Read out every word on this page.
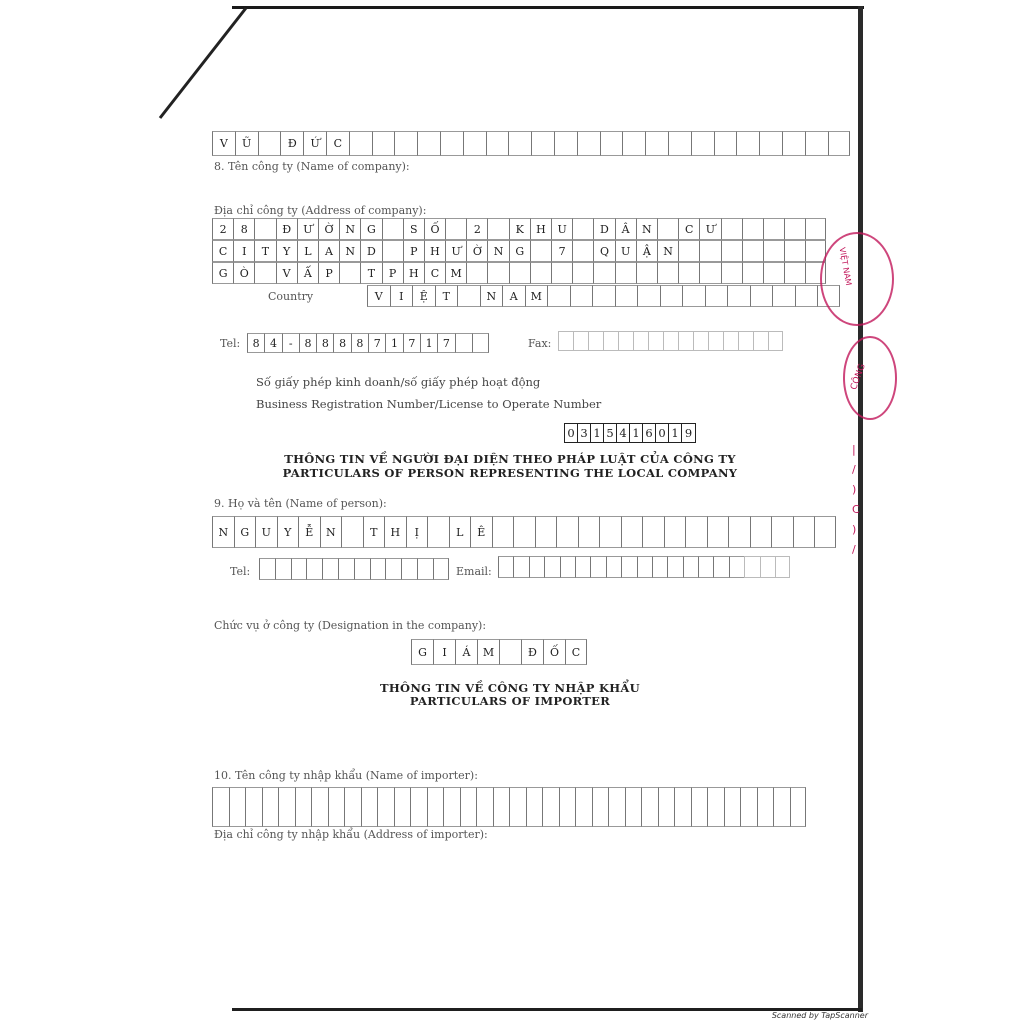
V	Ũ	Đ	Ứ	C
8. Tên công ty (Name of company):
Địa chỉ công ty (Address of company):
2	8	Đ	Ư	Ờ	N	G	S	Ố	2	K	H	U	D	Â	N	C	Ư
C	I	T	Y	L	A	N	D	P	H	Ư	Ờ	N	G	7	Q	U	Ậ	N
G	Ò	V	Ấ	P	T	P	H	C	M
Country	V	I	Ệ	T	N	A	M
Tel:	8 4	-	8 8 8 8 7 1 7 1 7	Fax:
Số giấy phép kinh doanh/số giấy phép hoạt động
Business Registration Number/License to Operate Number
0 3 1 5 4 1 6 0 1 9
THÔNG TIN VỀ NGƯỜI ĐẠI DIỆN THEO PHÁP LUẬT CỦA CÔNG TY
PARTICULARS OF PERSON REPRESENTING THE LOCAL COMPANY
9. Họ và tên (Name of person):
N	G	U	Y	Ễ	N	T	H	Ị	L	Ê
Tel:	Email:
Chức vụ ở công ty (Designation in the company):
G	I	Á	M	Đ	Ố	C
THÔNG TIN VỀ CÔNG TY NHẬP KHẨU
PARTICULARS OF IMPORTER
10. Tên công ty nhập khẩu (Name of importer):
Địa chỉ công ty nhập khẩu (Address of importer):
VIỆT NAM
CÔNG
|
/
)
C
)
/
Scanned by TapScanner
